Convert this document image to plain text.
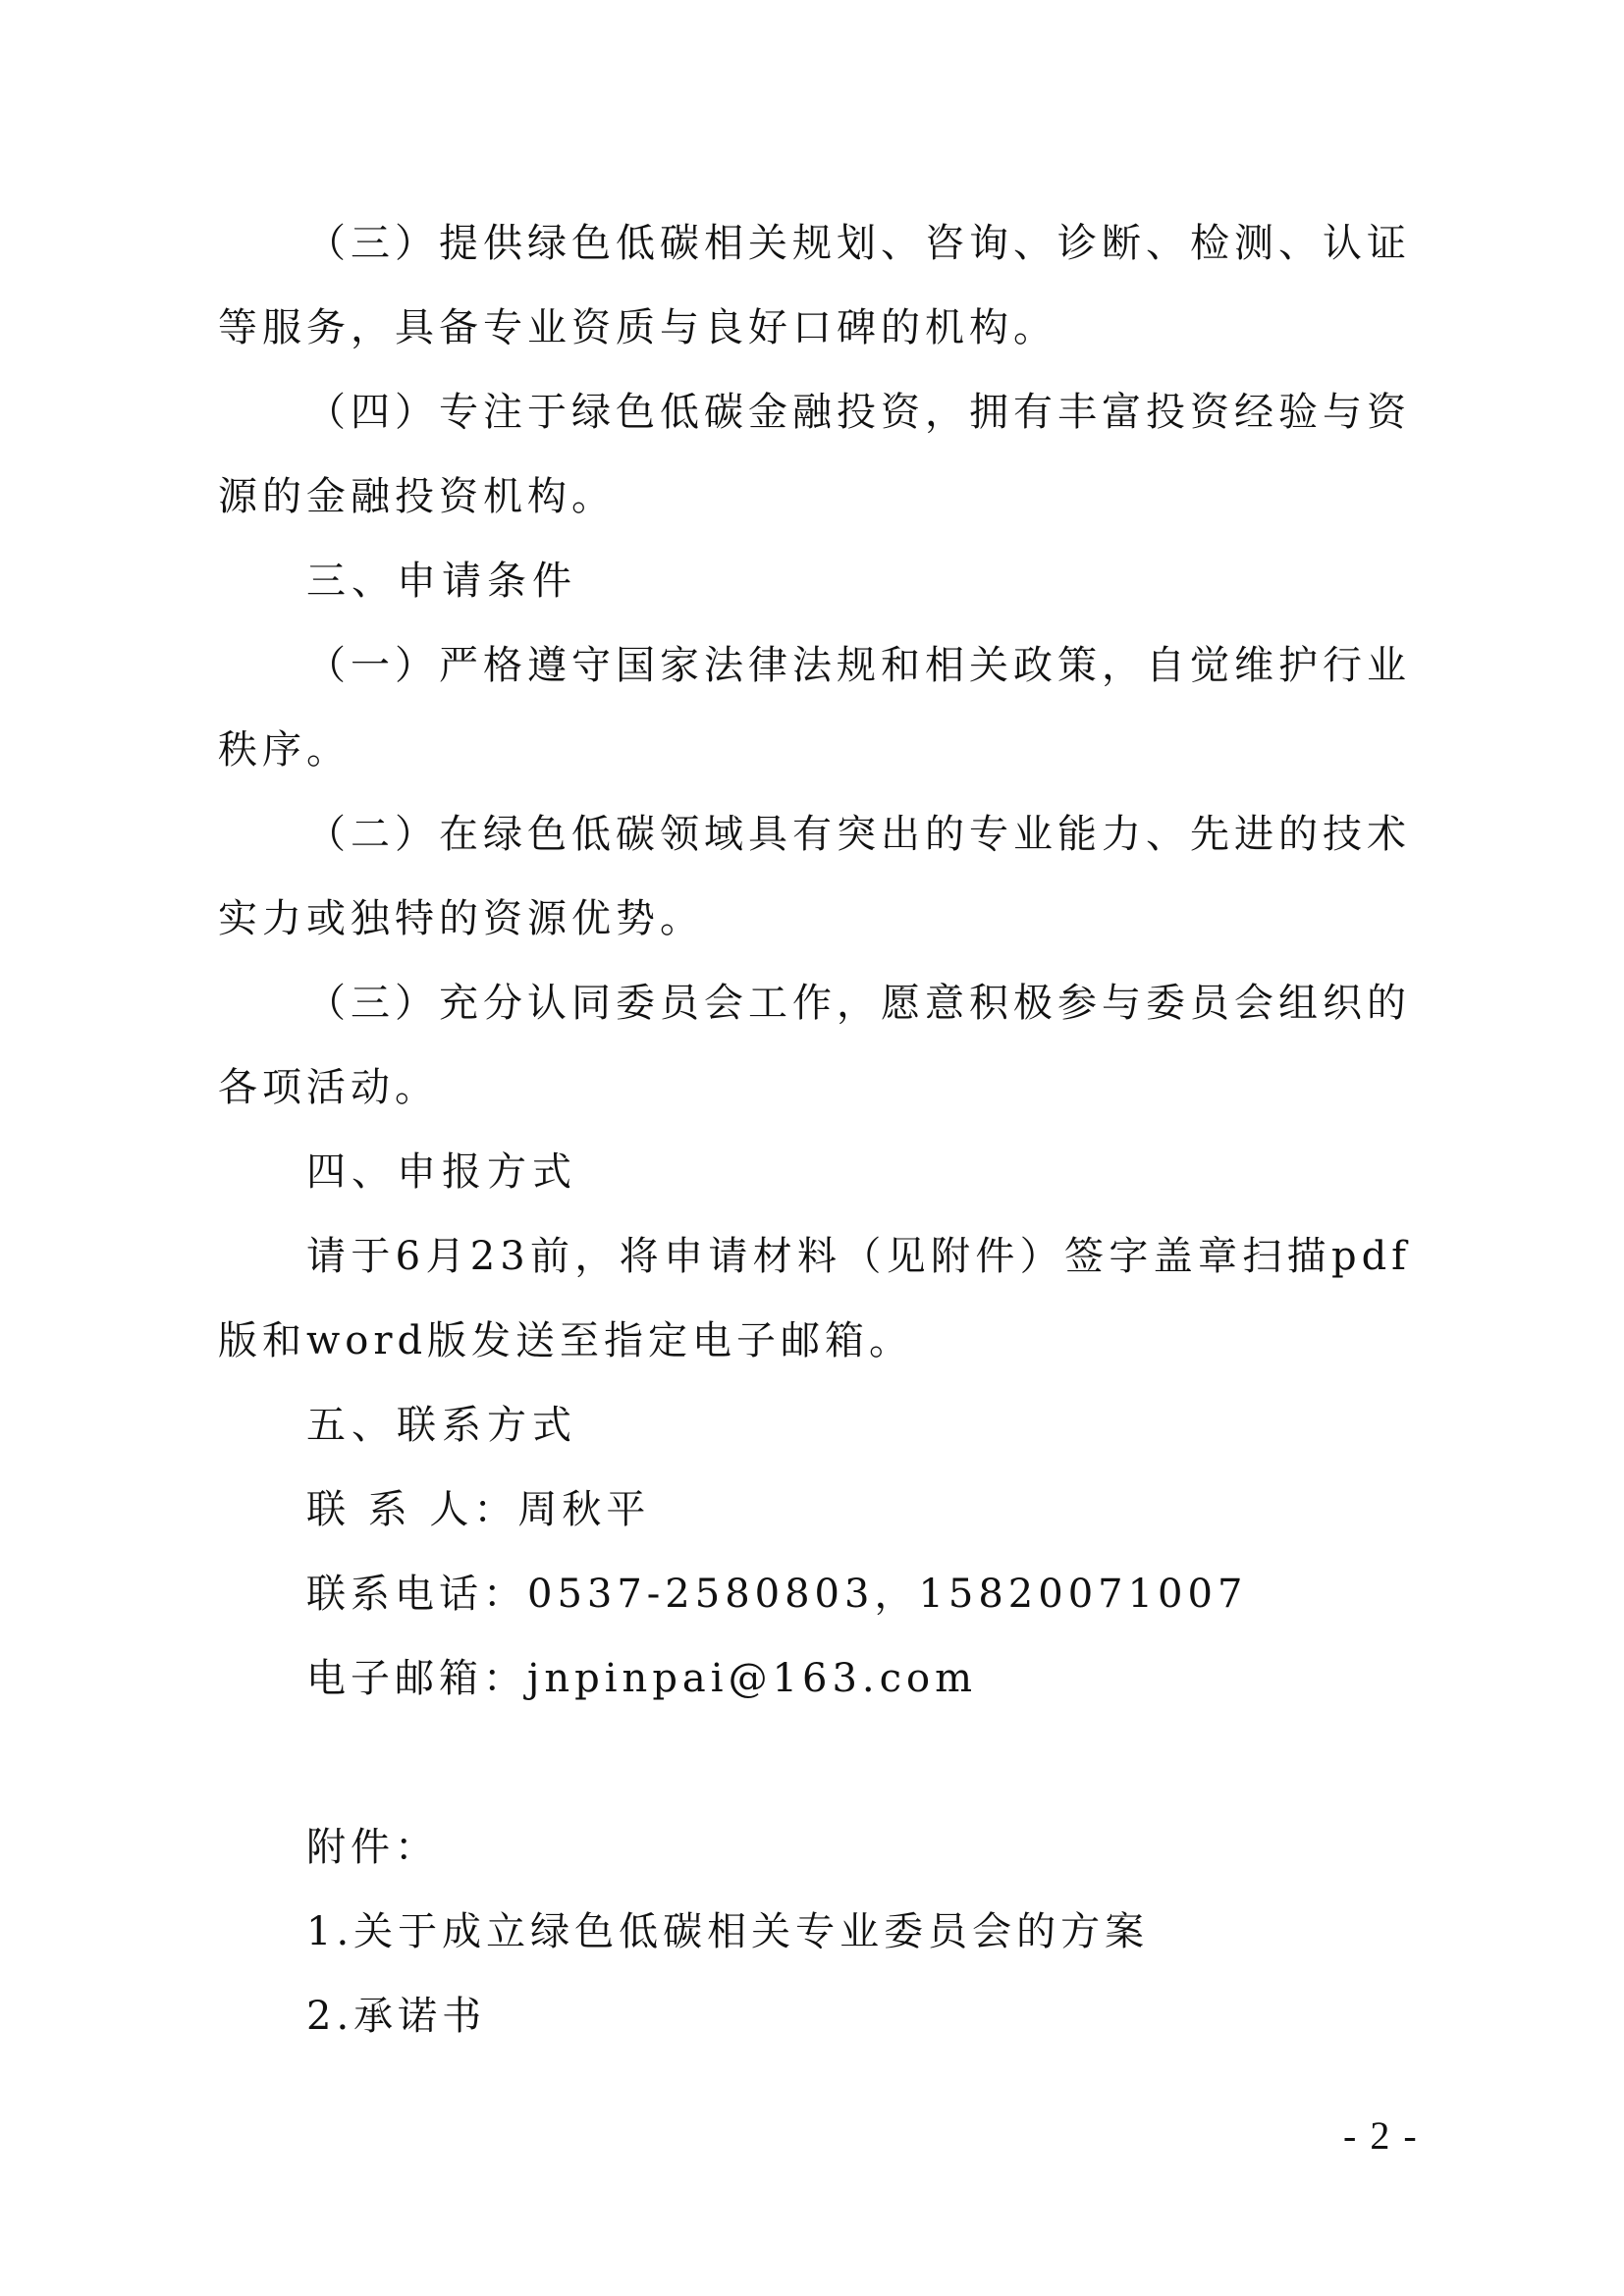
（三）提供绿色低碳相关规划、咨询、诊断、检测、认证等服务，具备专业资质与良好口碑的机构。

（四）专注于绿色低碳金融投资，拥有丰富投资经验与资源的金融投资机构。

三、申请条件

（一）严格遵守国家法律法规和相关政策，自觉维护行业秩序。

（二）在绿色低碳领域具有突出的专业能力、先进的技术实力或独特的资源优势。

（三）充分认同委员会工作，愿意积极参与委员会组织的各项活动。

四、申报方式

请于6月23前，将申请材料（见附件）签字盖章扫描pdf版和word版发送至指定电子邮箱。

五、联系方式

联 系 人：周秋平

联系电话：0537-2580803，15820071007

电子邮箱：jnpinpai@163.com

附件：

1.关于成立绿色低碳相关专业委员会的方案

2.承诺书

- 2 -
